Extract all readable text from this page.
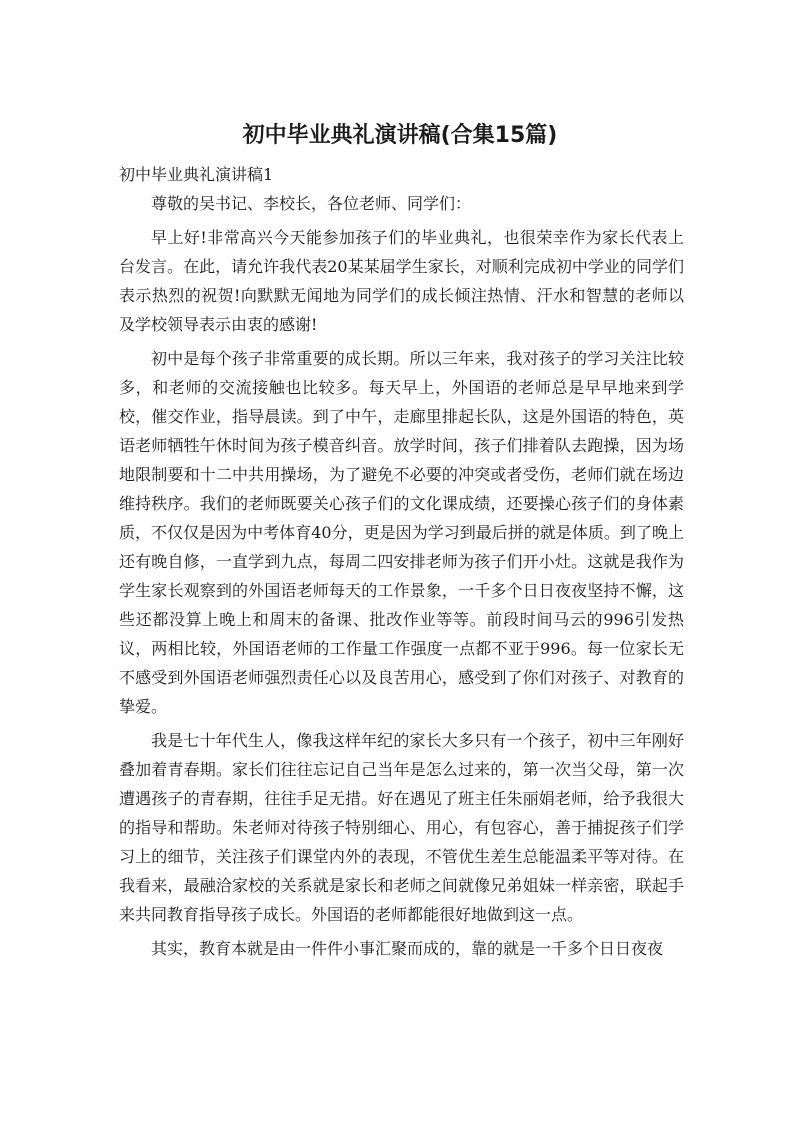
初中毕业典礼演讲稿(合集15篇)

初中毕业典礼演讲稿1

尊敬的吴书记、李校长，各位老师、同学们：

早上好!非常高兴今天能参加孩子们的毕业典礼，也很荣幸作为家长代表上台发言。在此，请允许我代表20某某届学生家长，对顺利完成初中学业的同学们表示热烈的祝贺!向默默无闻地为同学们的成长倾注热情、汗水和智慧的老师以及学校领导表示由衷的感谢!

初中是每个孩子非常重要的成长期。所以三年来，我对孩子的学习关注比较多，和老师的交流接触也比较多。每天早上，外国语的老师总是早早地来到学校，催交作业，指导晨读。到了中午，走廊里排起长队，这是外国语的特色，英语老师牺牲午休时间为孩子模音纠音。放学时间，孩子们排着队去跑操，因为场地限制要和十二中共用操场，为了避免不必要的冲突或者受伤，老师们就在场边维持秩序。我们的老师既要关心孩子们的文化课成绩，还要操心孩子们的身体素质，不仅仅是因为中考体育40分，更是因为学习到最后拼的就是体质。到了晚上还有晚自修，一直学到九点，每周二四安排老师为孩子们开小灶。这就是我作为学生家长观察到的外国语老师每天的工作景象，一千多个日日夜夜坚持不懈，这些还都没算上晚上和周末的备课、批改作业等等。前段时间马云的996引发热议，两相比较，外国语老师的工作量工作强度一点都不亚于996。每一位家长无不感受到外国语老师强烈责任心以及良苦用心，感受到了你们对孩子、对教育的挚爱。

我是七十年代生人，像我这样年纪的家长大多只有一个孩子，初中三年刚好叠加着青春期。家长们往往忘记自己当年是怎么过来的，第一次当父母，第一次遭遇孩子的青春期，往往手足无措。好在遇见了班主任朱丽娟老师，给予我很大的指导和帮助。朱老师对待孩子特别细心、用心，有包容心，善于捕捉孩子们学习上的细节，关注孩子们课堂内外的表现，不管优生差生总能温柔平等对待。在我看来，最融洽家校的关系就是家长和老师之间就像兄弟姐妹一样亲密，联起手来共同教育指导孩子成长。外国语的老师都能很好地做到这一点。

其实，教育本就是由一件件小事汇聚而成的，靠的就是一千多个日日夜夜
